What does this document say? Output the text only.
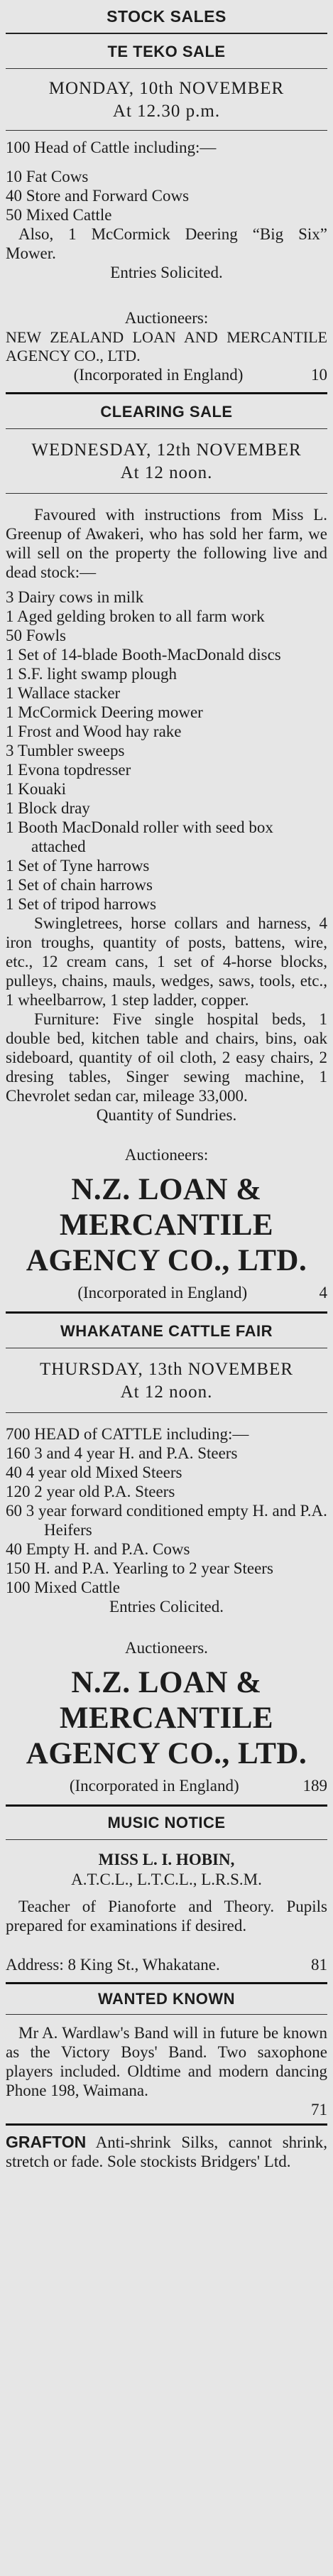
STOCK SALES
TE TEKO SALE
MONDAY, 10th NOVEMBER
At 12.30 p.m.
100 Head of Cattle including:—
10 Fat Cows
40 Store and Forward Cows
50 Mixed Cattle
Also, 1 McCormick Deering “Big Six” Mower.
Entries Solicited.
Auctioneers:
NEW ZEALAND LOAN AND MERCANTILE AGENCY CO., LTD.
(Incorporated in England)	10
CLEARING SALE
WEDNESDAY, 12th NOVEMBER
At 12 noon.
Favoured with instructions from Miss L. Greenup of Awakeri, who has sold her farm, we will sell on the property the following live and dead stock:—
3 Dairy cows in milk
1 Aged gelding broken to all farm work
50 Fowls
1 Set of 14-blade Booth-MacDonald discs
1 S.F. light swamp plough
1 Wallace stacker
1 McCormick Deering mower
1 Frost and Wood hay rake
3 Tumbler sweeps
1 Evona topdresser
1 Kouaki
1 Block dray
1 Booth MacDonald roller with seed box attached
1 Set of Tyne harrows
1 Set of chain harrows
1 Set of tripod harrows
Swingletrees, horse collars and harness, 4 iron troughs, quantity of posts, battens, wire, etc., 12 cream cans, 1 set of 4-horse blocks, pulleys, chains, mauls, wedges, saws, tools, etc., 1 wheelbarrow, 1 step ladder, copper.
Furniture: Five single hospital beds, 1 double bed, kitchen table and chairs, bins, oak sideboard, quantity of oil cloth, 2 easy chairs, 2 dresing tables, Singer sewing machine, 1 Chevrolet sedan car, mileage 33,000.
Quantity of Sundries.
Auctioneers:
N.Z. LOAN & MERCANTILE
AGENCY CO., LTD.
(Incorporated in England)	4
WHAKATANE CATTLE FAIR
THURSDAY, 13th NOVEMBER
At 12 noon.
700 HEAD of CATTLE including:—
160 3 and 4 year H. and P.A. Steers
40 4 year old Mixed Steers
120 2 year old P.A. Steers
60 3 year forward conditioned empty H. and P.A. Heifers
40 Empty H. and P.A. Cows
150 H. and P.A. Yearling to 2 year Steers
100 Mixed Cattle
Entries Colicited.
Auctioneers.
N.Z. LOAN & MERCANTILE
AGENCY CO., LTD.
(Incorporated in England)	189
MUSIC NOTICE
MISS L. I. HOBIN,
A.T.C.L., L.T.C.L., L.R.S.M.
Teacher of Pianoforte and Theory. Pupils prepared for examinations if desired.
Address: 8 King St., Whakatane.	81
WANTED KNOWN
Mr A. Wardlaw's Band will in future be known as the Victory Boys' Band. Two saxophone players included. Oldtime and modern dancing Phone 198, Waimana.
71
GRAFTON Anti-shrink Silks, cannot shrink, stretch or fade. Sole stockists Bridgers' Ltd.
